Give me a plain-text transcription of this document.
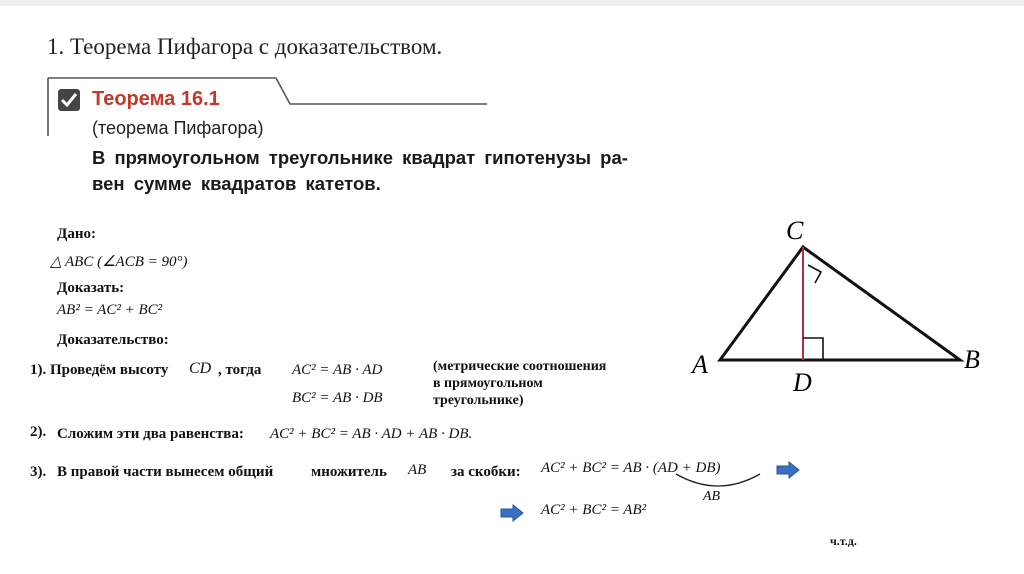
1. Теорема Пифагора с доказательством.
Теорема 16.1
(теорема Пифагора)
В прямоугольном треугольнике квадрат гипотенузы ра-
вен сумме квадратов катетов.
Дано:
△ ABC (∠ACB = 90°)
Доказать:
AB² = AC² + BC²
Доказательство:
1). Проведём высоту CD , тогда AC² = AB · AD
BC² = AB · DB
(метрические соотношения
в прямоугольном
треугольнике)
2). Сложим эти два равенства: AC² + BC² = AB · AD + AB · DB.
3). В правой части вынесем общий	множитель AB за скобки: AC² + BC² = AB · (AD + DB)
AB
AC² + BC² = AB²
ч.т.д.
C
A	B
D
